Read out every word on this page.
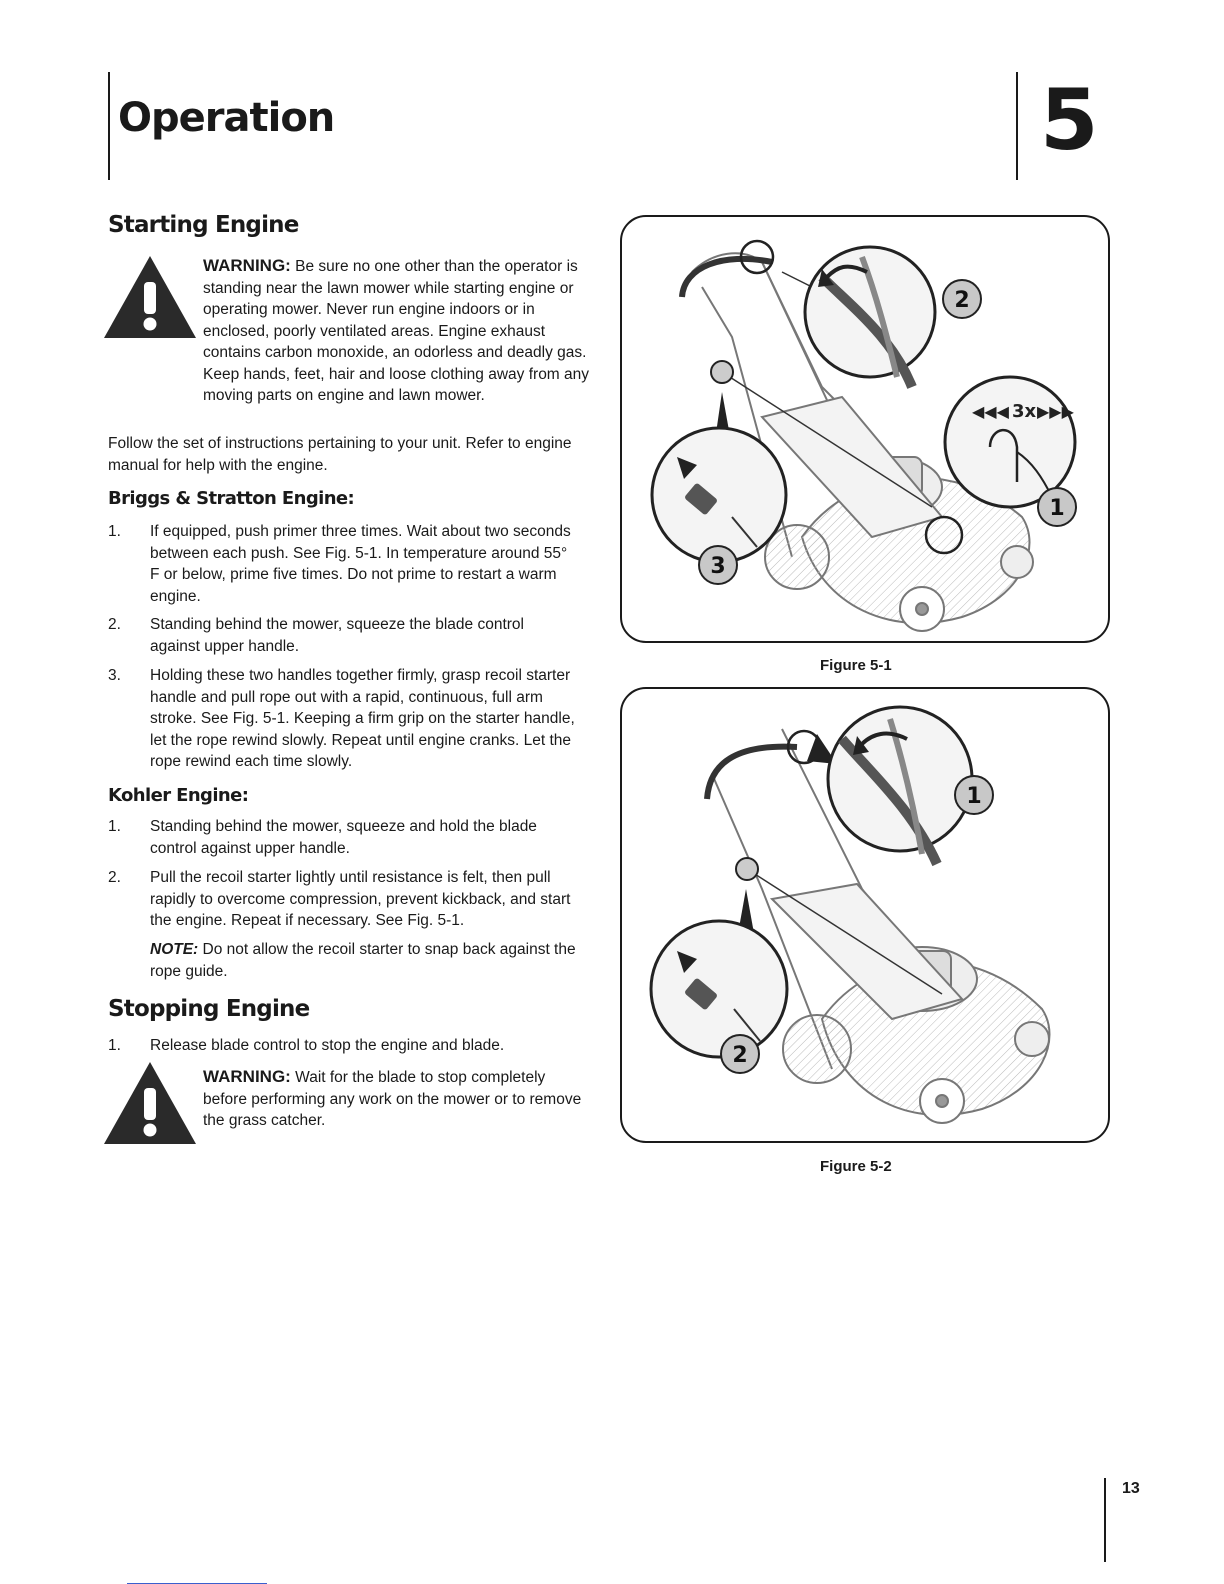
Operation	5
Starting Engine
WARNING: Be sure no one other than the operator is standing near the lawn mower while starting engine or operating mower. Never run engine indoors or in enclosed, poorly ventilated areas. Engine exhaust contains carbon monoxide, an odorless and deadly gas. Keep hands, feet, hair and loose clothing away from any moving parts on engine and lawn mower.

Follow the set of instructions pertaining to your unit. Refer to engine manual for help with the engine.

Briggs & Stratton Engine:
1. If equipped, push primer three times. Wait about two seconds between each push. See Fig. 5-1. In temperature around 55° F or below, prime five times. Do not prime to restart a warm engine.
2. Standing behind the mower, squeeze the blade control against upper handle.
3. Holding these two handles together firmly, grasp recoil starter handle and pull rope out with a rapid, continuous, full arm stroke. See Fig. 5-1. Keeping a firm grip on the starter handle, let the rope rewind slowly. Repeat until engine cranks. Let the rope rewind each time slowly.
Kohler Engine:
1. Standing behind the mower, squeeze and hold the blade control against upper handle.
2. Pull the recoil starter lightly until resistance is felt, then pull rapidly to overcome compression, prevent kickback, and start the engine. Repeat if necessary. See Fig. 5-1.
NOTE: Do not allow the recoil starter to snap back against the rope guide.
Stopping Engine
1. Release blade control to stop the engine and blade.
WARNING: Wait for the blade to stop completely before performing any work on the mower or to remove the grass catcher.
◀◀◀ 3x ▶▶▶
1
2
3
Figure 5-1
1
2
Figure 5-2
13
